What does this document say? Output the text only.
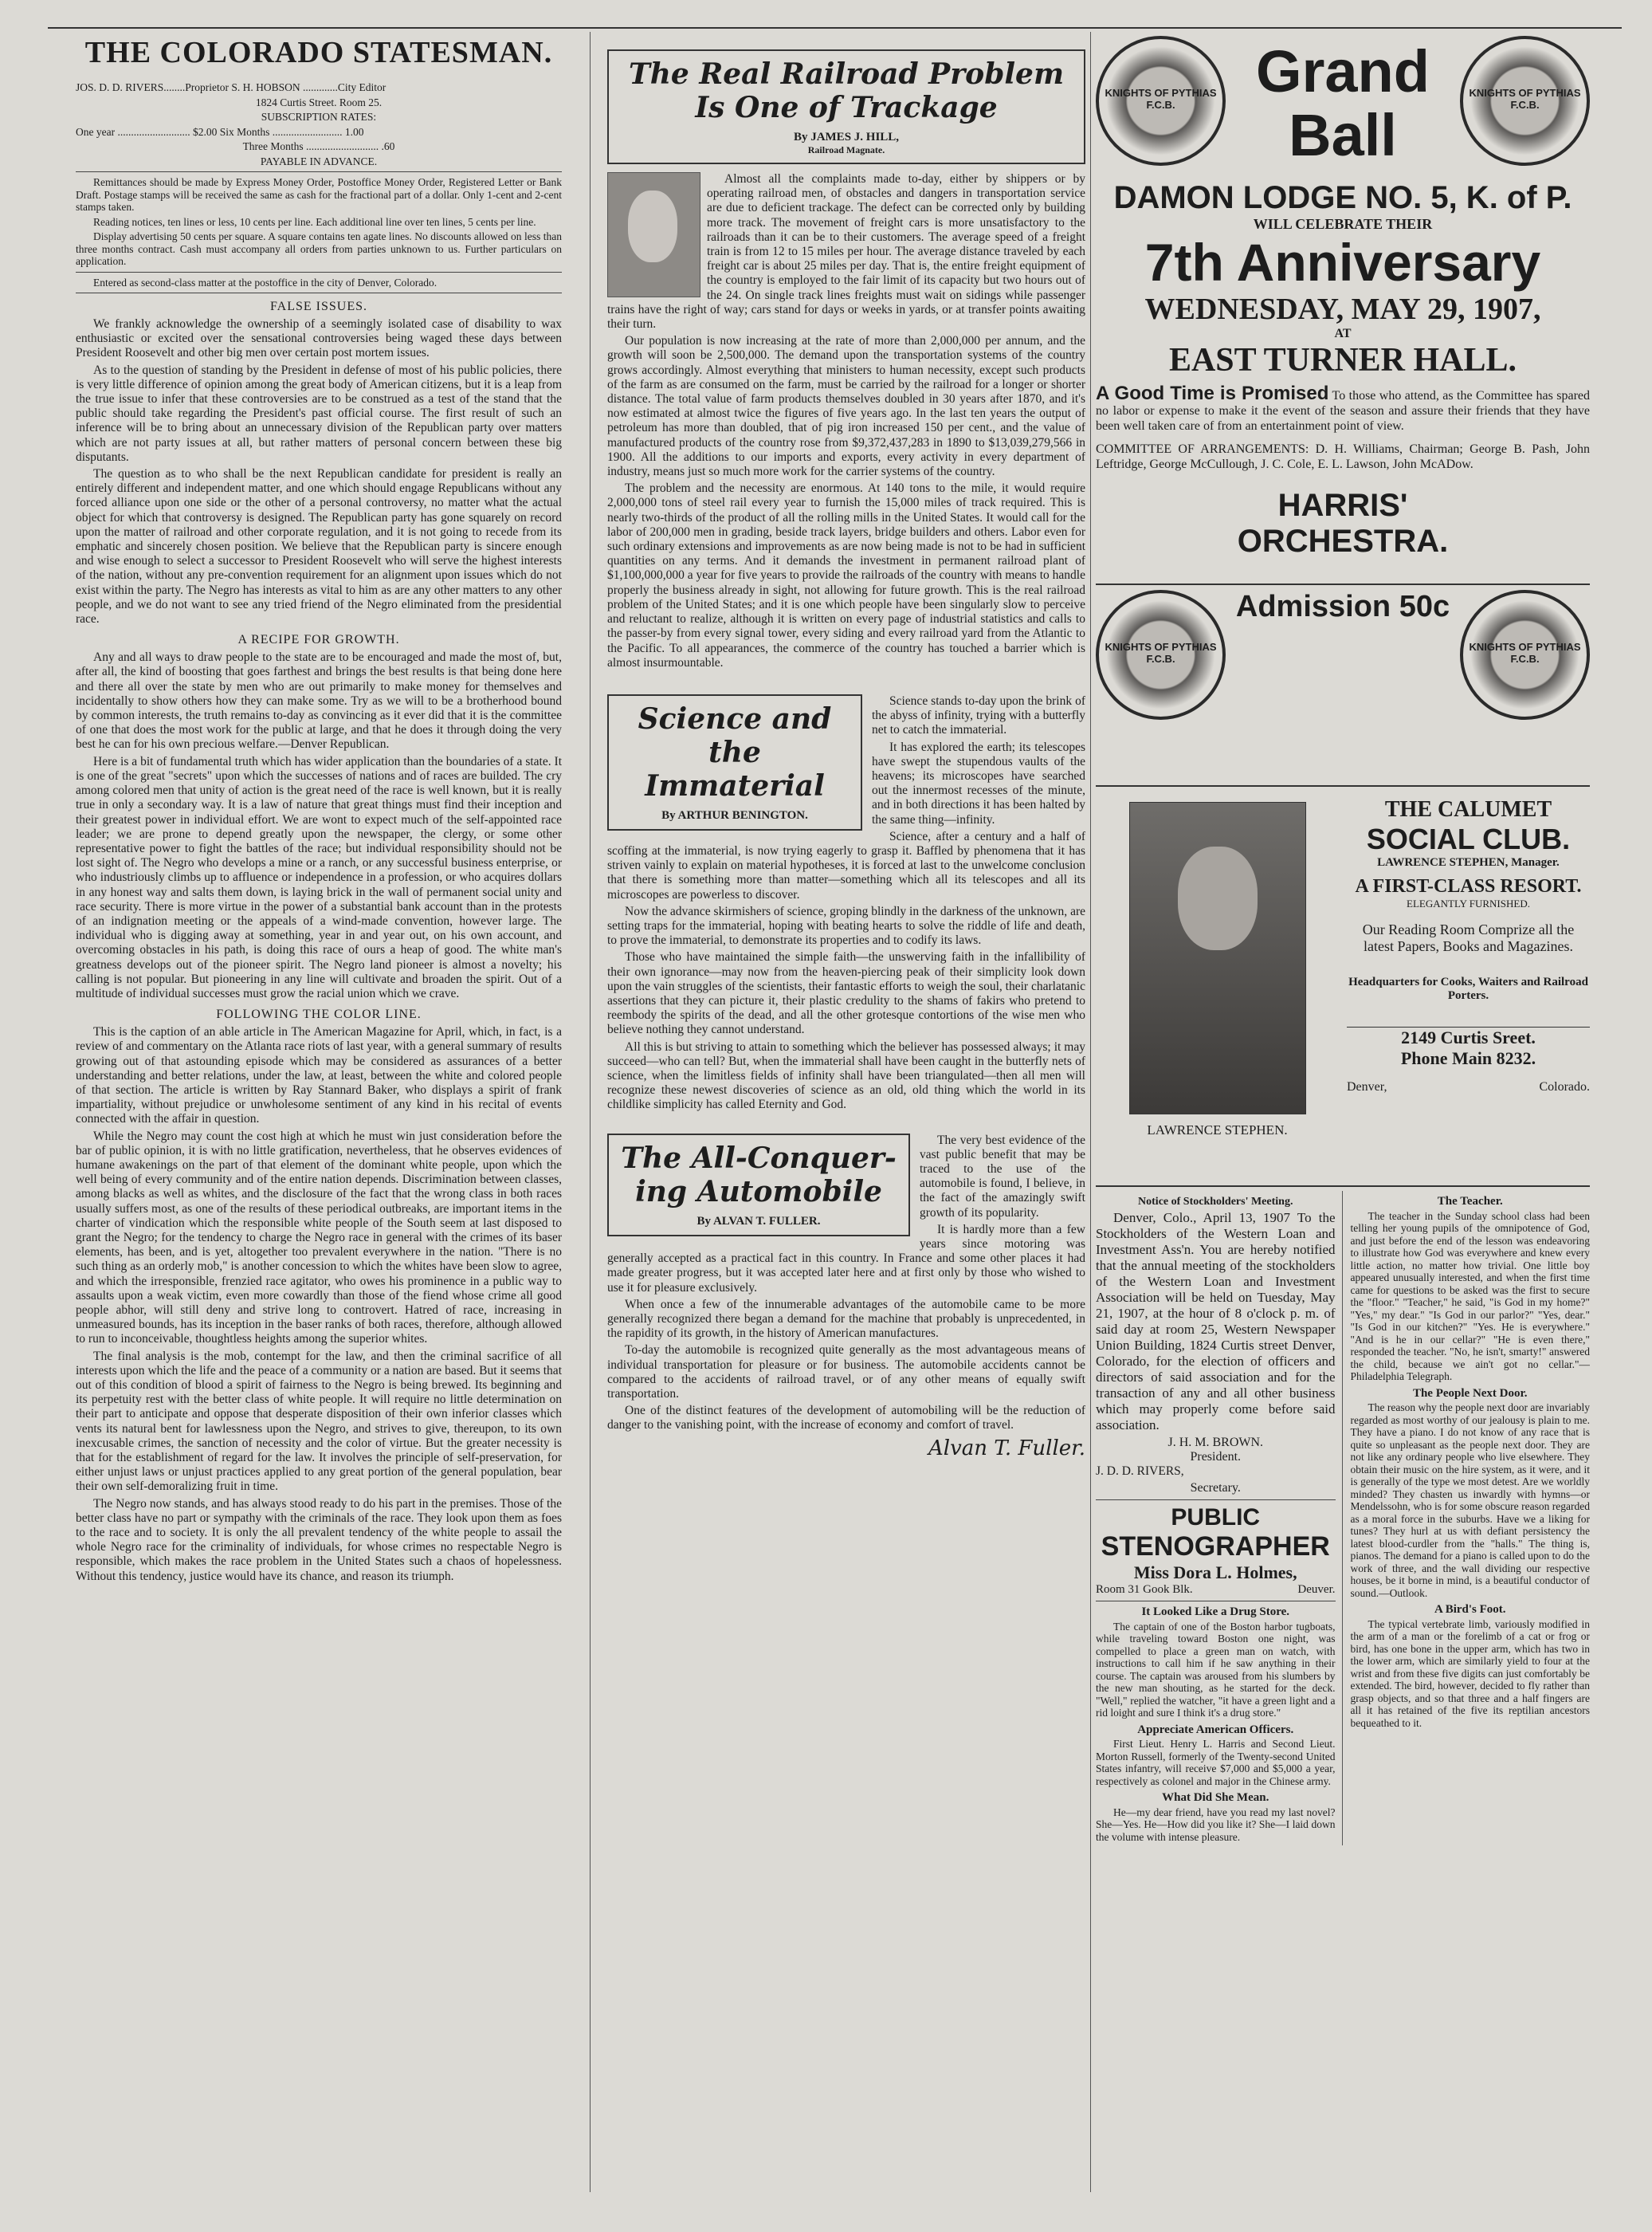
THE COLORADO STATESMAN.
JOS. D. D. RIVERS........Proprietor S. H. HOBSON .............City Editor
1824 Curtis Street. Room 25.
SUBSCRIPTION RATES:
One year ........................... $2.00 Six Months .......................... 1.00
Three Months ........................... .60
PAYABLE IN ADVANCE.

Remittances should be made by Express Money Order, Postoffice Money Order, Registered Letter or Bank Draft. Postage stamps will be received the same as cash for the fractional part of a dollar. Only 1-cent and 2-cent stamps taken.

Reading notices, ten lines or less, 10 cents per line. Each additional line over ten lines, 5 cents per line.

Display advertising 50 cents per square. A square contains ten agate lines. No discounts allowed on less than three months contract. Cash must accompany all orders from parties unknown to us. Further particulars on application.

Entered as second-class matter at the postoffice in the city of Denver, Colorado.

FALSE ISSUES.

We frankly acknowledge the ownership of a seemingly isolated case of disability to wax enthusiastic or excited over the sensational controversies being waged these days between President Roosevelt and other big men over certain post mortem issues.

As to the question of standing by the President in defense of most of his public policies, there is very little difference of opinion among the great body of American citizens, but it is a leap from the true issue to infer that these controversies are to be construed as a test of the stand that the public should take regarding the President's past official course. The first result of such an inference will be to bring about an unnecessary division of the Republican party over matters which are not party issues at all, but rather matters of personal concern between these big disputants.

The question as to who shall be the next Republican candidate for president is really an entirely different and independent matter, and one which should engage Republicans without any forced alliance upon one side or the other of a personal controversy, no matter what the actual object for which that controversy is designed. The Republican party has gone squarely on record upon the matter of railroad and other corporate regulation, and it is not going to recede from its emphatic and sincerely chosen position. We believe that the Republican party is sincere enough and wise enough to select a successor to President Roosevelt who will serve the highest interests of the nation, without any pre-convention requirement for an alignment upon issues which do not exist within the party. The Negro has interests as vital to him as are any other matters to any other people, and we do not want to see any tried friend of the Negro eliminated from the presidential race.

A RECIPE FOR GROWTH.

Any and all ways to draw people to the state are to be encouraged and made the most of, but, after all, the kind of boosting that goes farthest and brings the best results is that being done here and there all over the state by men who are out primarily to make money for themselves and incidentally to show others how they can make some. Try as we will to be a brotherhood bound by common interests, the truth remains to-day as convincing as it ever did that it is the committee of one that does the most work for the public at large, and that he does it through doing the very best he can for his own precious welfare.—Denver Republican.

Here is a bit of fundamental truth which has wider application than the boundaries of a state. It is one of the great "secrets" upon which the successes of nations and of races are builded. The cry among colored men that unity of action is the great need of the race is well known, but it is really true in only a secondary way. It is a law of nature that great things must find their inception and their greatest power in individual effort. We are wont to expect much of the self-appointed race leader; we are prone to depend greatly upon the newspaper, the clergy, or some other representative power to fight the battles of the race; but individual responsibility should not be lost sight of. The Negro who develops a mine or a ranch, or any successful business enterprise, or who industriously climbs up to affluence or independence in a profession, or who acquires dollars in any honest way and salts them down, is laying brick in the wall of permanent social unity and race security. There is more virtue in the power of a substantial bank account than in the protests of an indignation meeting or the appeals of a wind-made convention, however large. The individual who is digging away at something, year in and year out, on his own account, and overcoming obstacles in his path, is doing this race of ours a heap of good. The white man's greatness develops out of the pioneer spirit. The Negro land pioneer is almost a novelty; his calling is not popular. But pioneering in any line will cultivate and broaden the spirit. Out of a multitude of individual successes must grow the racial union which we crave.

FOLLOWING THE COLOR LINE.

This is the caption of an able article in The American Magazine for April, which, in fact, is a review of and commentary on the Atlanta race riots of last year, with a general summary of results growing out of that astounding episode which may be considered as assurances of a better understanding and better relations, under the law, at least, between the white and colored people of that section. The article is written by Ray Stannard Baker, who displays a spirit of frank impartiality, without prejudice or unwholesome sentiment of any kind in his recital of events connected with the affair in question.

While the Negro may count the cost high at which he must win just consideration before the bar of public opinion, it is with no little gratification, nevertheless, that he observes evidences of humane awakenings on the part of that element of the dominant white people, upon which the well being of every community and of the entire nation depends. Discrimination between classes, among blacks as well as whites, and the disclosure of the fact that the wrong class in both races usually suffers most, as one of the results of these periodical outbreaks, are important items in the charter of vindication which the responsible white people of the South seem at last disposed to grant the Negro; for the tendency to charge the Negro race in general with the crimes of its baser elements, has been, and is yet, altogether too prevalent everywhere in the nation. "There is no such thing as an orderly mob," is another concession to which the whites have been slow to agree, and which the irresponsible, frenzied race agitator, who owes his prominence in a public way to assaults upon a weak victim, even more cowardly than those of the fiend whose crime all good people abhor, will still deny and strive long to controvert. Hatred of race, increasing in unmeasured bounds, has its inception in the baser ranks of both races, therefore, although allowed to run to inconceivable, thoughtless heights among the superior whites.

The final analysis is the mob, contempt for the law, and then the criminal sacrifice of all interests upon which the life and the peace of a community or a nation are based. But it seems that out of this condition of blood a spirit of fairness to the Negro is being brewed. Its beginning and its perpetuity rest with the better class of white people. It will require no little determination on their part to anticipate and oppose that desperate disposition of their own inferior classes which vents its natural bent for lawlessness upon the Negro, and strives to give, thereupon, to its own inexcusable crimes, the sanction of necessity and the color of virtue. But the greater necessity is that for the establishment of regard for the law. It involves the principle of self-preservation, for either unjust laws or unjust practices applied to any great portion of the general population, bear their own self-demoralizing fruit in time.

The Negro now stands, and has always stood ready to do his part in the premises. Those of the better class have no part or sympathy with the criminals of the race. They look upon them as foes to the race and to society. It is only the all prevalent tendency of the white people to assail the whole Negro race for the criminality of individuals, for whose crimes no respectable Negro is responsible, which makes the race problem in the United States such a chaos of hopelessness. Without this tendency, justice would have its chance, and reason its triumph.

The Real Railroad Problem
Is One of Trackage
By JAMES J. HILL,
Railroad Magnate.

Almost all the complaints made to-day, either by shippers or by operating railroad men, of obstacles and dangers in transportation service are due to deficient trackage. The defect can be corrected only by building more track. The movement of freight cars is more unsatisfactory to the railroads than it can be to their customers. The average speed of a freight train is from 12 to 15 miles per hour. The average distance traveled by each freight car is about 25 miles per day. That is, the entire freight equipment of the country is employed to the fair limit of its capacity but two hours out of the 24. On single track lines freights must wait on sidings while passenger trains have the right of way; cars stand for days or weeks in yards, or at transfer points awaiting their turn.

Our population is now increasing at the rate of more than 2,000,000 per annum, and the growth will soon be 2,500,000. The demand upon the transportation systems of the country grows accordingly. Almost everything that ministers to human necessity, except such products of the farm as are consumed on the farm, must be carried by the railroad for a longer or shorter distance. The total value of farm products themselves doubled in 30 years after 1870, and it's now estimated at almost twice the figures of five years ago. In the last ten years the output of petroleum has more than doubled, that of pig iron increased 150 per cent., and the value of manufactured products of the country rose from $9,372,437,283 in 1890 to $13,039,279,566 in 1900. All the additions to our imports and exports, every activity in every department of industry, means just so much more work for the carrier systems of the country.

The problem and the necessity are enormous. At 140 tons to the mile, it would require 2,000,000 tons of steel rail every year to furnish the 15,000 miles of track required. This is nearly two-thirds of the product of all the rolling mills in the United States. It would call for the labor of 200,000 men in grading, beside track layers, bridge builders and others. Labor even for such ordinary extensions and improvements as are now being made is not to be had in sufficient quantities on any terms. And it demands the investment in permanent railroad plant of $1,100,000,000 a year for five years to provide the railroads of the country with means to handle properly the business already in sight, not allowing for future growth. This is the real railroad problem of the United States; and it is one which people have been singularly slow to perceive and reluctant to realize, although it is written on every page of industrial statistics and calls to the passer-by from every signal tower, every siding and every railroad yard from the Atlantic to the Pacific. To all appearances, the commerce of the country has touched a barrier which is almost insurmountable.

Science and
the Immaterial
By ARTHUR BENINGTON.

Science stands to-day upon the brink of the abyss of infinity, trying with a butterfly net to catch the immaterial.

It has explored the earth; its telescopes have swept the stupendous vaults of the heavens; its microscopes have searched out the innermost recesses of the minute, and in both directions it has been halted by the same thing—infinity.

Science, after a century and a half of scoffing at the immaterial, is now trying eagerly to grasp it. Baffled by phenomena that it has striven vainly to explain on material hypotheses, it is forced at last to the unwelcome conclusion that there is something more than matter—something which all its telescopes and all its microscopes are powerless to discover.

Now the advance skirmishers of science, groping blindly in the darkness of the unknown, are setting traps for the immaterial, hoping with beating hearts to solve the riddle of life and death, to prove the immaterial, to demonstrate its properties and to codify its laws.

Those who have maintained the simple faith—the unswerving faith in the infallibility of their own ignorance—may now from the heaven-piercing peak of their simplicity look down upon the vain struggles of the scientists, their fantastic efforts to weigh the soul, their charlatanic assertions that they can picture it, their plastic credulity to the shams of fakirs who pretend to reembody the spirits of the dead, and all the other grotesque contortions of the wise men who believe nothing they cannot understand.

All this is but striving to attain to something which the believer has possessed always; it may succeed—who can tell? But, when the immaterial shall have been caught in the butterfly nets of science, when the limitless fields of infinity shall have been triangulated—then all men will recognize these newest discoveries of science as an old, old thing which the world in its childlike simplicity has called Eternity and God.

The All-Conquer-
ing Automobile
By ALVAN T. FULLER.

The very best evidence of the vast public benefit that may be traced to the use of the automobile is found, I believe, in the fact of the amazingly swift growth of its popularity.

It is hardly more than a few years since motoring was generally accepted as a practical fact in this country. In France and some other places it had made greater progress, but it was accepted later here and at first only by those who wished to use it for pleasure exclusively.

When once a few of the innumerable advantages of the automobile came to be more generally recognized there began a demand for the machine that probably is unprecedented, in the rapidity of its growth, in the history of American manufactures.

To-day the automobile is recognized quite generally as the most advantageous means of individual transportation for pleasure or for business. The automobile accidents cannot be compared to the accidents of railroad travel, or of any other means of equally swift transportation.

One of the distinct features of the development of automobiling will be the reduction of danger to the vanishing point, with the increase of economy and comfort of travel.

Alvan T. Fuller.
KNIGHTS OF PYTHIAS F.C.B.
KNIGHTS OF PYTHIAS F.C.B.
Grand
Ball
DAMON LODGE NO. 5, K. of P.
WILL CELEBRATE THEIR
7th Anniversary
WEDNESDAY, MAY 29, 1907,
AT
EAST TURNER HALL.

A Good Time is Promised To those who attend, as the Committee has spared no labor or expense to make it the event of the season and assure their friends that they have been well taken care of from an entertainment point of view.

COMMITTEE OF ARRANGEMENTS: D. H. Williams, Chairman; George B. Pash, John Leftridge, George McCullough, J. C. Cole, E. L. Lawson, John McADow.

KNIGHTS OF PYTHIAS F.C.B.
KNIGHTS OF PYTHIAS F.C.B.
HARRIS'
ORCHESTRA.
Admission 50c
LAWRENCE STEPHEN.
THE CALUMET
SOCIAL CLUB.
LAWRENCE STEPHEN, Manager.
A FIRST-CLASS RESORT.
ELEGANTLY FURNISHED.
Our Reading Room Comprize all the latest Papers, Books and Magazines.
Headquarters for Cooks, Waiters and Railroad Porters.
2149 Curtis Sreet.
Phone Main 8232.
Denver,	Colorado.
Notice of Stockholders' Meeting.

Denver, Colo., April 13, 1907 To the Stockholders of the Western Loan and Investment Ass'n. You are hereby notified that the annual meeting of the stockholders of the Western Loan and Investment Association will be held on Tuesday, May 21, 1907, at the hour of 8 o'clock p. m. of said day at room 25, Western Newspaper Union Building, 1824 Curtis street Denver, Colorado, for the election of officers and directors of said association and for the transaction of any and all other business which may properly come before said association.

J. H. M. BROWN.
President.
J. D. D. RIVERS,
Secretary.
PUBLIC
STENOGRAPHER
Miss Dora L. Holmes,
Room 31 Gook Blk.	Deuver.
It Looked Like a Drug Store.

The captain of one of the Boston harbor tugboats, while traveling toward Boston one night, was compelled to place a green man on watch, with instructions to call him if he saw anything in their course. The captain was aroused from his slumbers by the new man shouting, as he started for the deck. "Well," replied the watcher, "it have a green light and a rid loight and sure I think it's a drug store."

Appreciate American Officers.

First Lieut. Henry L. Harris and Second Lieut. Morton Russell, formerly of the Twenty-second United States infantry, will receive $7,000 and $5,000 a year, respectively as colonel and major in the Chinese army.

What Did She Mean.

He—my dear friend, have you read my last novel? She—Yes. He—How did you like it? She—I laid down the volume with intense pleasure.

The Teacher.

The teacher in the Sunday school class had been telling her young pupils of the omnipotence of God, and just before the end of the lesson was endeavoring to illustrate how God was everywhere and knew every little action, no matter how trivial. One little boy appeared unusually interested, and when the first time came for questions to be asked was the first to secure the "floor." "Teacher," he said, "is God in my home?" "Yes," my dear." "Is God in our parlor?" "Yes, dear." "Is God in our kitchen?" "Yes. He is everywhere." "And is he in our cellar?" "He is even there," responded the teacher. "No, he isn't, smarty!" answered the child, because we ain't got no cellar."—Philadelphia Telegraph.

The People Next Door.

The reason why the people next door are invariably regarded as most worthy of our jealousy is plain to me. They have a piano. I do not know of any race that is quite so unpleasant as the people next door. They are not like any ordinary people who live elsewhere. They obtain their music on the hire system, as it were, and it is generally of the type we most detest. Are we worldly minded? They chasten us inwardly with hymns—or Mendelssohn, who is for some obscure reason regarded as a moral force in the suburbs. Have we a liking for tunes? They hurl at us with defiant persistency the latest blood-curdler from the "halls." The thing is, pianos. The demand for a piano is called upon to do the work of three, and the wall dividing our respective houses, be it borne in mind, is a beautiful conductor of sound.—Outlook.

A Bird's Foot.

The typical vertebrate limb, variously modified in the arm of a man or the forelimb of a cat or frog or bird, has one bone in the upper arm, which has two in the lower arm, which are similarly yield to four at the wrist and from these five digits can just comfortably be extended. The bird, however, decided to fly rather than grasp objects, and so that three and a half fingers are all it has retained of the five its reptilian ancestors bequeathed to it.
